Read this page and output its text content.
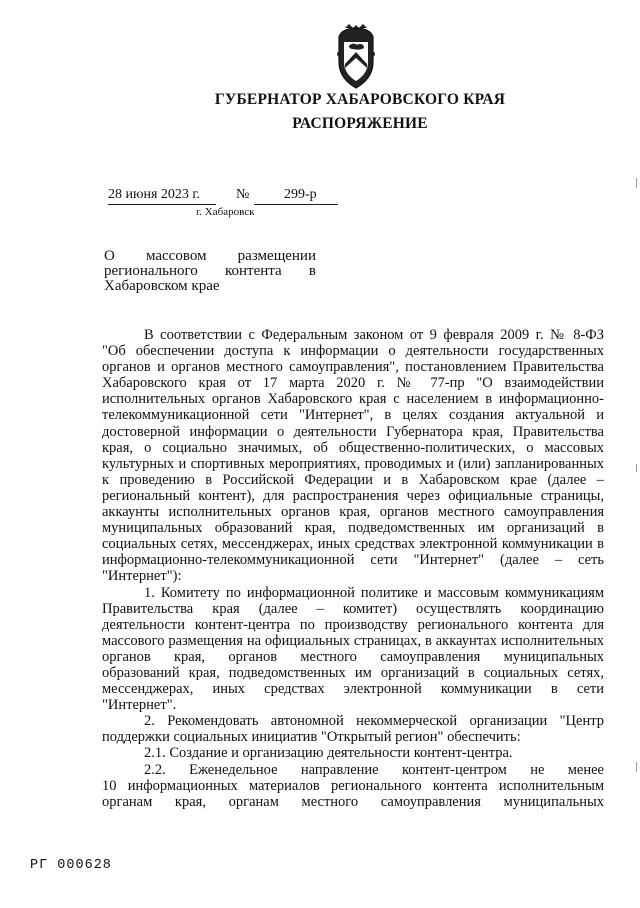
ГУБЕРНАТОР ХАБАРОВСКОГО КРАЯ
РАСПОРЯЖЕНИЕ
28 июня 2023 г.	№ 299-р
г. Хабаровск
О      массовом      размещении
регионального      контента      в
Хабаровском крае
В соответствии с Федеральным законом от 9 февраля 2009 г. № 8-ФЗ
"Об обеспечении доступа к информации о деятельности государственных
органов и органов местного самоуправления", постановлением Правительства
Хабаровского края от 17 марта 2020 г. № 77-пр "О взаимодействии
исполнительных органов Хабаровского края с населением в информационно-
телекоммуникационной сети "Интернет", в целях создания актуальной и
достоверной информации о деятельности Губернатора края, Правительства
края, о социально значимых, об общественно-политических, о массовых
культурных и спортивных мероприятиях, проводимых и (или) запланированных
к проведению в Российской Федерации и в Хабаровском крае (далее –
региональный контент), для распространения через официальные страницы,
аккаунты исполнительных органов края, органов местного самоуправления
муниципальных образований края, подведомственных им организаций в
социальных сетях, мессенджерах, иных средствах электронной коммуникации в
информационно-телекоммуникационной сети "Интернет" (далее – сеть
"Интернет"):
1. Комитету по информационной политике и массовым коммуникациям
Правительства края (далее – комитет) осуществлять координацию
деятельности контент-центра по производству регионального контента для
массового размещения на официальных страницах, в аккаунтах исполнительных
органов края, органов местного самоуправления муниципальных
образований края, подведомственных им организаций в социальных сетях,
мессенджерах, иных средствах электронной коммуникации в сети
"Интернет".
2. Рекомендовать автономной некоммерческой организации "Центр
поддержки социальных инициатив "Открытый регион" обеспечить:
2.1. Создание и организацию деятельности контент-центра.
2.2. Еженедельное направление контент-центром не менее
10 информационных материалов регионального контента исполнительным
органам края, органам местного самоуправления муниципальных
РГ 000628
